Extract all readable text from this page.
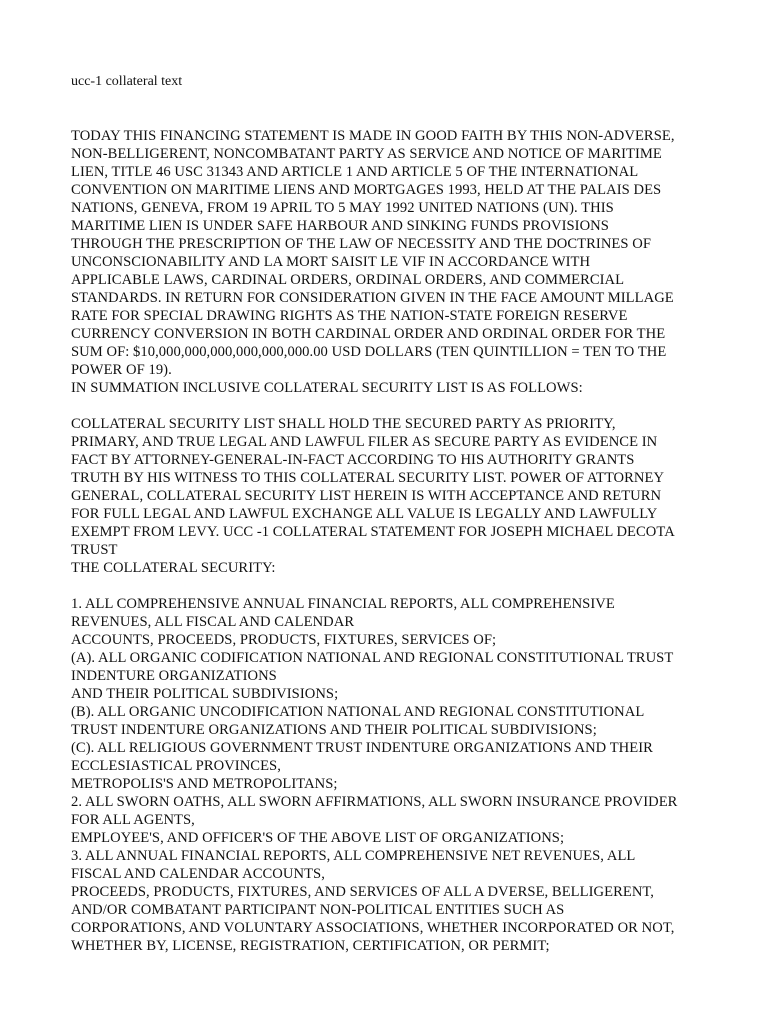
ucc-1 collateral text
TODAY THIS FINANCING STATEMENT IS MADE IN GOOD FAITH BY THIS NON-ADVERSE,
NON-BELLIGERENT, NONCOMBATANT PARTY AS SERVICE AND NOTICE OF MARITIME
LIEN, TITLE 46 USC 31343 AND ARTICLE 1 AND ARTICLE 5 OF THE INTERNATIONAL
CONVENTION ON MARITIME LIENS AND MORTGAGES 1993, HELD AT THE PALAIS DES
NATIONS, GENEVA, FROM 19 APRIL TO 5 MAY 1992 UNITED NATIONS (UN). THIS
MARITIME LIEN IS UNDER SAFE HARBOUR AND SINKING FUNDS PROVISIONS
THROUGH THE PRESCRIPTION OF THE LAW OF NECESSITY AND THE DOCTRINES OF
UNCONSCIONABILITY AND LA MORT SAISIT LE VIF IN ACCORDANCE WITH
APPLICABLE LAWS, CARDINAL ORDERS, ORDINAL ORDERS, AND COMMERCIAL
STANDARDS. IN RETURN FOR CONSIDERATION GIVEN IN THE FACE AMOUNT MILLAGE
RATE FOR SPECIAL DRAWING RIGHTS AS THE NATION-STATE FOREIGN RESERVE
CURRENCY CONVERSION IN BOTH CARDINAL ORDER AND ORDINAL ORDER FOR THE
SUM OF: $10,000,000,000,000,000,000.00 USD DOLLARS (TEN QUINTILLION = TEN TO THE
POWER OF 19).
IN SUMMATION INCLUSIVE COLLATERAL SECURITY LIST IS AS FOLLOWS:
COLLATERAL SECURITY LIST SHALL HOLD THE SECURED PARTY AS PRIORITY,
PRIMARY, AND TRUE LEGAL AND LAWFUL FILER AS SECURE PARTY AS EVIDENCE IN
FACT BY ATTORNEY-GENERAL-IN-FACT ACCORDING TO HIS AUTHORITY GRANTS
TRUTH BY HIS WITNESS TO THIS COLLATERAL SECURITY LIST. POWER OF ATTORNEY
GENERAL, COLLATERAL SECURITY LIST HEREIN IS WITH ACCEPTANCE AND RETURN
FOR FULL LEGAL AND LAWFUL EXCHANGE ALL VALUE IS LEGALLY AND LAWFULLY
EXEMPT FROM LEVY. UCC -1 COLLATERAL STATEMENT FOR JOSEPH MICHAEL DECOTA
TRUST
THE COLLATERAL SECURITY:
1. ALL COMPREHENSIVE ANNUAL FINANCIAL REPORTS, ALL COMPREHENSIVE
REVENUES, ALL FISCAL AND CALENDAR
ACCOUNTS, PROCEEDS, PRODUCTS, FIXTURES, SERVICES OF;
(A). ALL ORGANIC CODIFICATION NATIONAL AND REGIONAL CONSTITUTIONAL TRUST
INDENTURE ORGANIZATIONS
AND THEIR POLITICAL SUBDIVISIONS;
(B). ALL ORGANIC UNCODIFICATION NATIONAL AND REGIONAL CONSTITUTIONAL
TRUST INDENTURE ORGANIZATIONS AND THEIR POLITICAL SUBDIVISIONS;
(C). ALL RELIGIOUS GOVERNMENT TRUST INDENTURE ORGANIZATIONS AND THEIR
ECCLESIASTICAL PROVINCES,
METROPOLIS'S AND METROPOLITANS;
2. ALL SWORN OATHS, ALL SWORN AFFIRMATIONS, ALL SWORN INSURANCE PROVIDER
FOR ALL AGENTS,
EMPLOYEE'S, AND OFFICER'S OF THE ABOVE LIST OF ORGANIZATIONS;
3. ALL ANNUAL FINANCIAL REPORTS, ALL COMPREHENSIVE NET REVENUES, ALL
FISCAL AND CALENDAR ACCOUNTS,
PROCEEDS, PRODUCTS, FIXTURES, AND SERVICES OF ALL A DVERSE, BELLIGERENT,
AND/OR COMBATANT PARTICIPANT NON-POLITICAL ENTITIES SUCH AS
CORPORATIONS, AND VOLUNTARY ASSOCIATIONS, WHETHER INCORPORATED OR NOT,
WHETHER BY, LICENSE, REGISTRATION, CERTIFICATION, OR PERMIT;
